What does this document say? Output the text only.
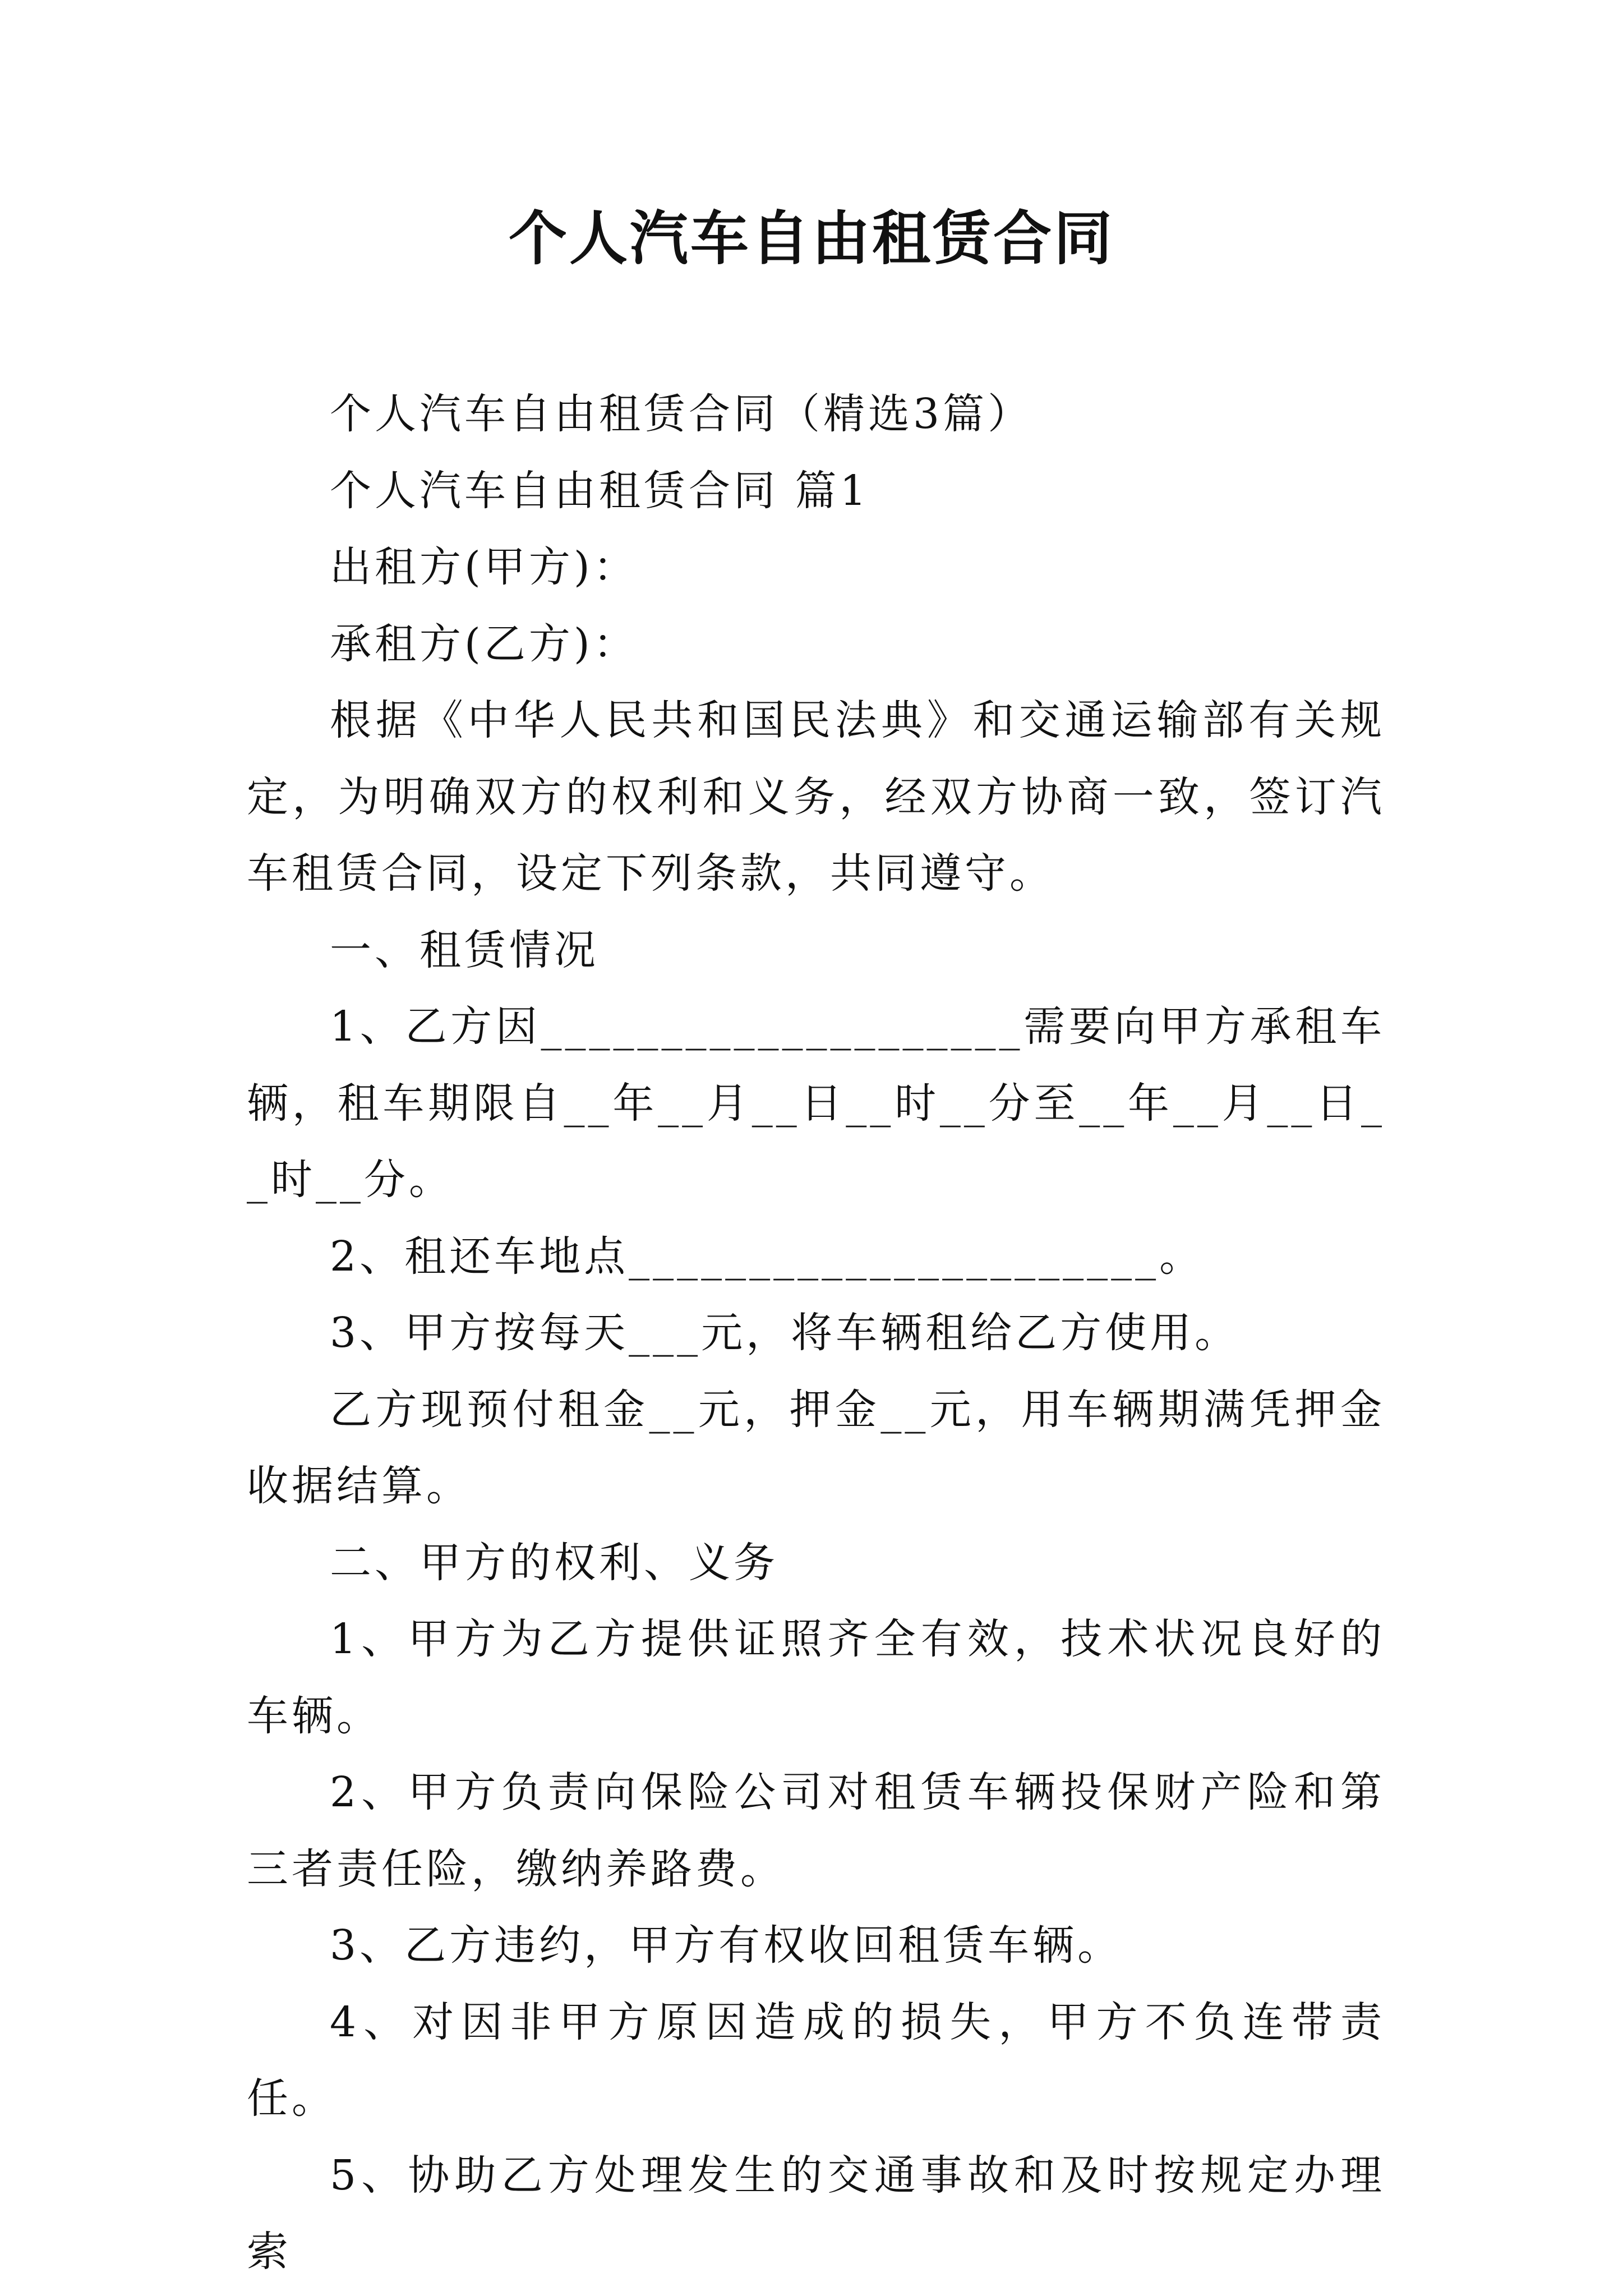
个人汽车自由租赁合同

个人汽车自由租赁合同（精选3篇）

个人汽车自由租赁合同 篇1

出租方(甲方)：

承租方(乙方)：

根据《中华人民共和国民法典》和交通运输部有关规定，为明确双方的权利和义务，经双方协商一致，签订汽车租赁合同，设定下列条款，共同遵守。

一、租赁情况

1、乙方因____________________需要向甲方承租车辆，租车期限自__年__月__日__时__分至__年__月__日__时__分。

2、租还车地点______________________。

3、甲方按每天___元，将车辆租给乙方使用。

乙方现预付租金__元，押金__元，用车辆期满凭押金收据结算。

二、甲方的权利、义务

1、甲方为乙方提供证照齐全有效，技术状况良好的车辆。

2、甲方负责向保险公司对租赁车辆投保财产险和第三者责任险，缴纳养路费。

3、乙方违约，甲方有权收回租赁车辆。

4、对因非甲方原因造成的损失，甲方不负连带责任。

5、协助乙方处理发生的交通事故和及时按规定办理索
